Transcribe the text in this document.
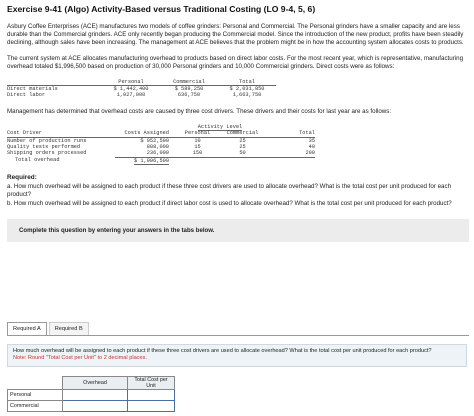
Exercise 9-41 (Algo) Activity-Based versus Traditional Costing (LO 9-4, 5, 6)

Asbury Coffee Enterprises (ACE) manufactures two models of coffee grinders: Personal and Commercial. The Personal grinders have a smaller capacity and are less durable than the Commercial grinders. ACE only recently began producing the Commercial model. Since the introduction of the new product, profits have been steadily declining, although sales have been increasing. The management at ACE believes that the problem might be in how the accounting system allocates costs to products.

The current system at ACE allocates manufacturing overhead to products based on direct labor costs. For the most recent year, which is representative, manufacturing overhead totaled $1,996,500 based on production of 30,000 Personal grinders and 10,000 Commercial grinders. Direct costs were as follows:

	Personal	Commercial	Total
Direct materials	$ 1,442,400	$ 589,250	$ 2,031,850
Direct labor	1,027,000	636,750	1,663,750

Management has determined that overhead costs are caused by three cost drivers. These drivers and their costs for last year are as follows:

		Activity Level		
Cost Driver	Costs Assigned	Personal	Commercial	Total
Number of production runs	$ 952,500	10	25	35
Quality tests performed	808,000	15	25	40
Shipping orders processed	236,000	150	50	200
Total overhead	$ 1,996,500			
Required:

a. How much overhead will be assigned to each product if these three cost drivers are used to allocate overhead? What is the total cost per unit produced for each product?

b. How much overhead will be assigned to each product if direct labor cost is used to allocate overhead? What is the total cost per unit produced for each product?

Complete this question by entering your answers in the tabs below.
Required A	Required B
How much overhead will be assigned to each product if these three cost drivers are used to allocate overhead? What is the total cost per unit produced for each product?
Note: Round "Total Cost per Unit" to 2 decimal places.
	Overhead	Total Cost per Unit
Personal		
Commercial		
